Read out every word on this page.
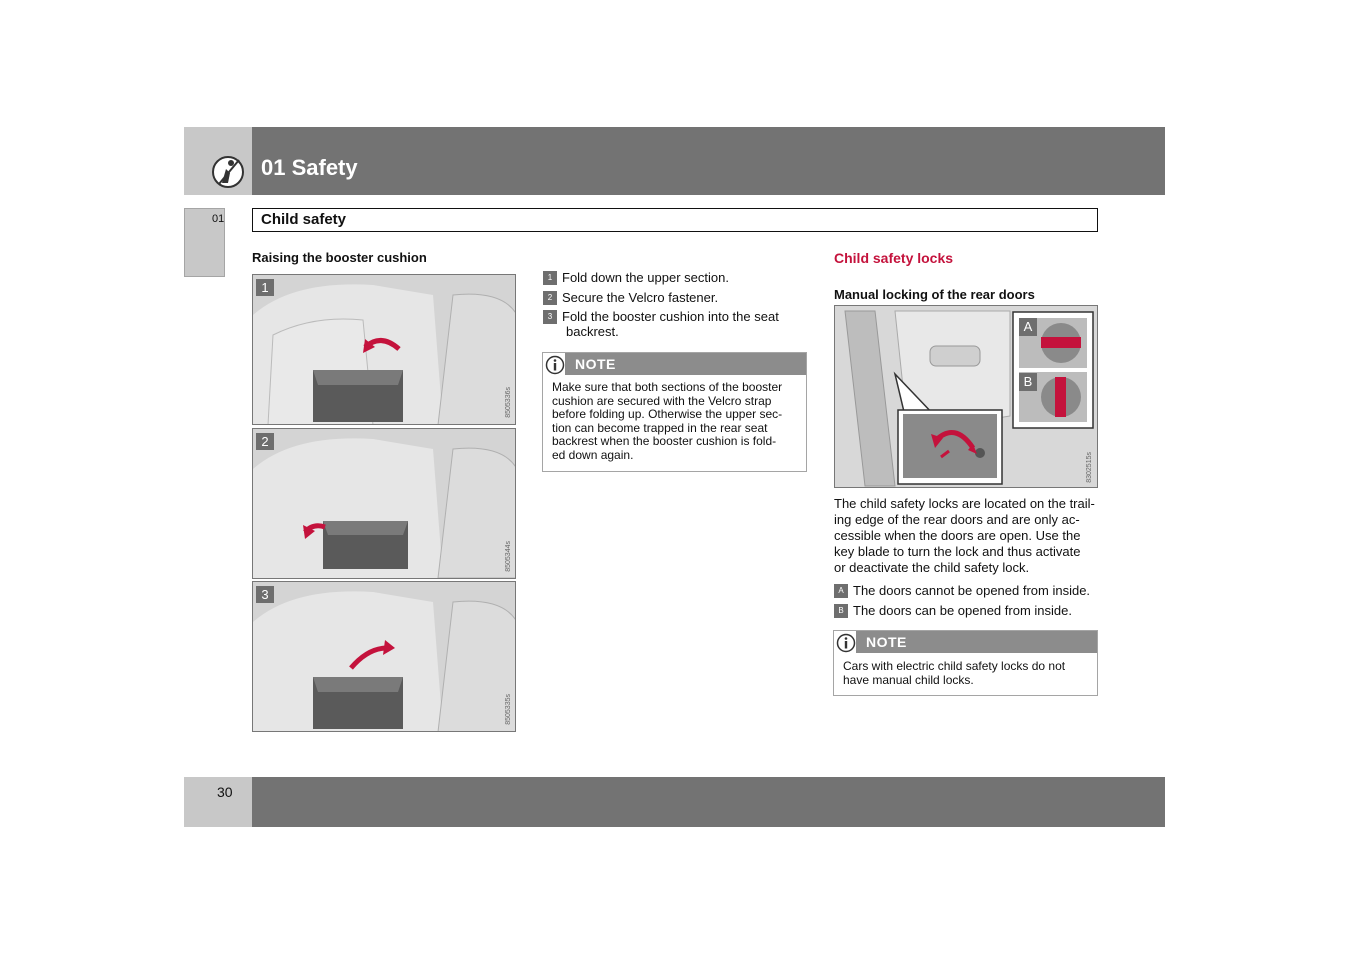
01 Safety
01 Child safety
Raising the booster cushion
1
8505336s
2
8505344s
3
8505335s
1 Fold down the upper section.
2 Secure the Velcro fastener.
3 Fold the booster cushion into the seat
backrest.
NOTE
Make sure that both sections of the booster
cushion are secured with the Velcro strap
before folding up. Otherwise the upper sec-
tion can become trapped in the rear seat
backrest when the booster cushion is fold-
ed down again.
Child safety locks
Manual locking of the rear doors
A
B
8302515s
The child safety locks are located on the trail-
ing edge of the rear doors and are only ac-
cessible when the doors are open. Use the
key blade to turn the lock and thus activate
or deactivate the child safety lock.
A The doors cannot be opened from inside.
B The doors can be opened from inside.
NOTE
Cars with electric child safety locks do not
have manual child locks.
30
